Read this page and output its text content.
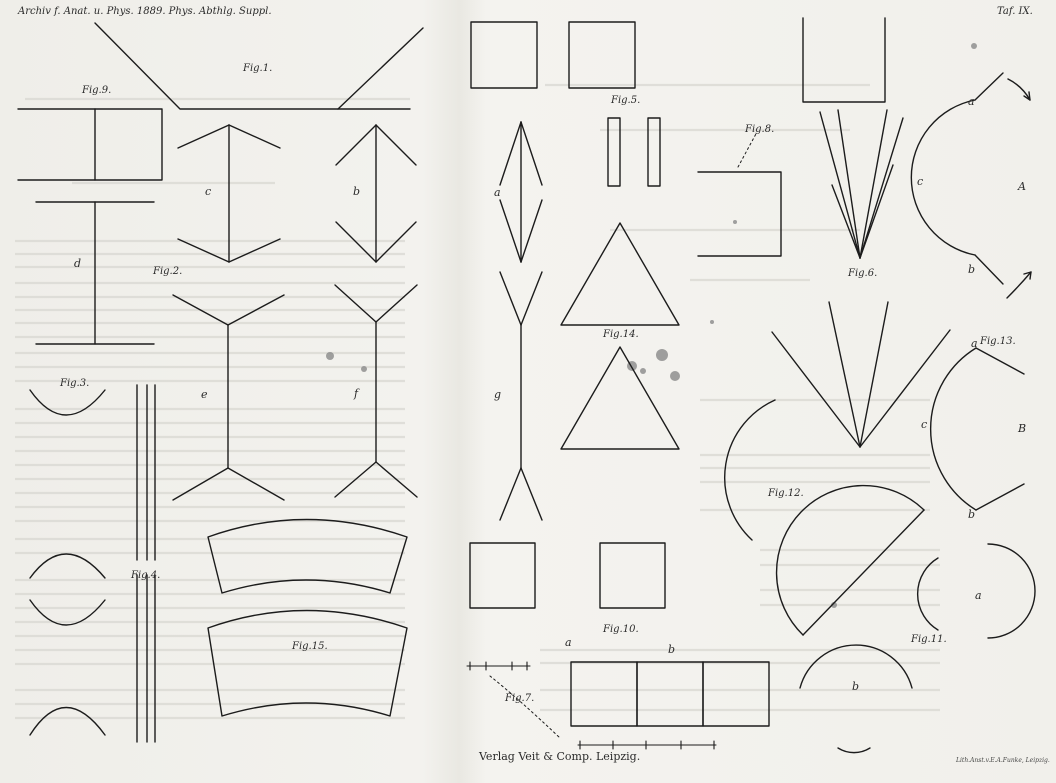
Archiv f. Anat. u. Phys. 1889. Phys. Abthlg. Suppl.	Taf. IX.
Fig.1.
Fig.9.
Fig.2.
Fig.3.
Fig.4.
Fig.15.
Fig.5.
Fig.8.
Fig.6.
Fig.14.
Fig.13.
Fig.12.
Fig.11.
Fig.10.
Fig.7.
c	b
d
e	f
a
g
a
c	A
b
a
c	B
b
a
b
a
b
Verlag Veit & Comp. Leipzig.	Lith.Anst.v.E.A.Funke, Leipzig.
